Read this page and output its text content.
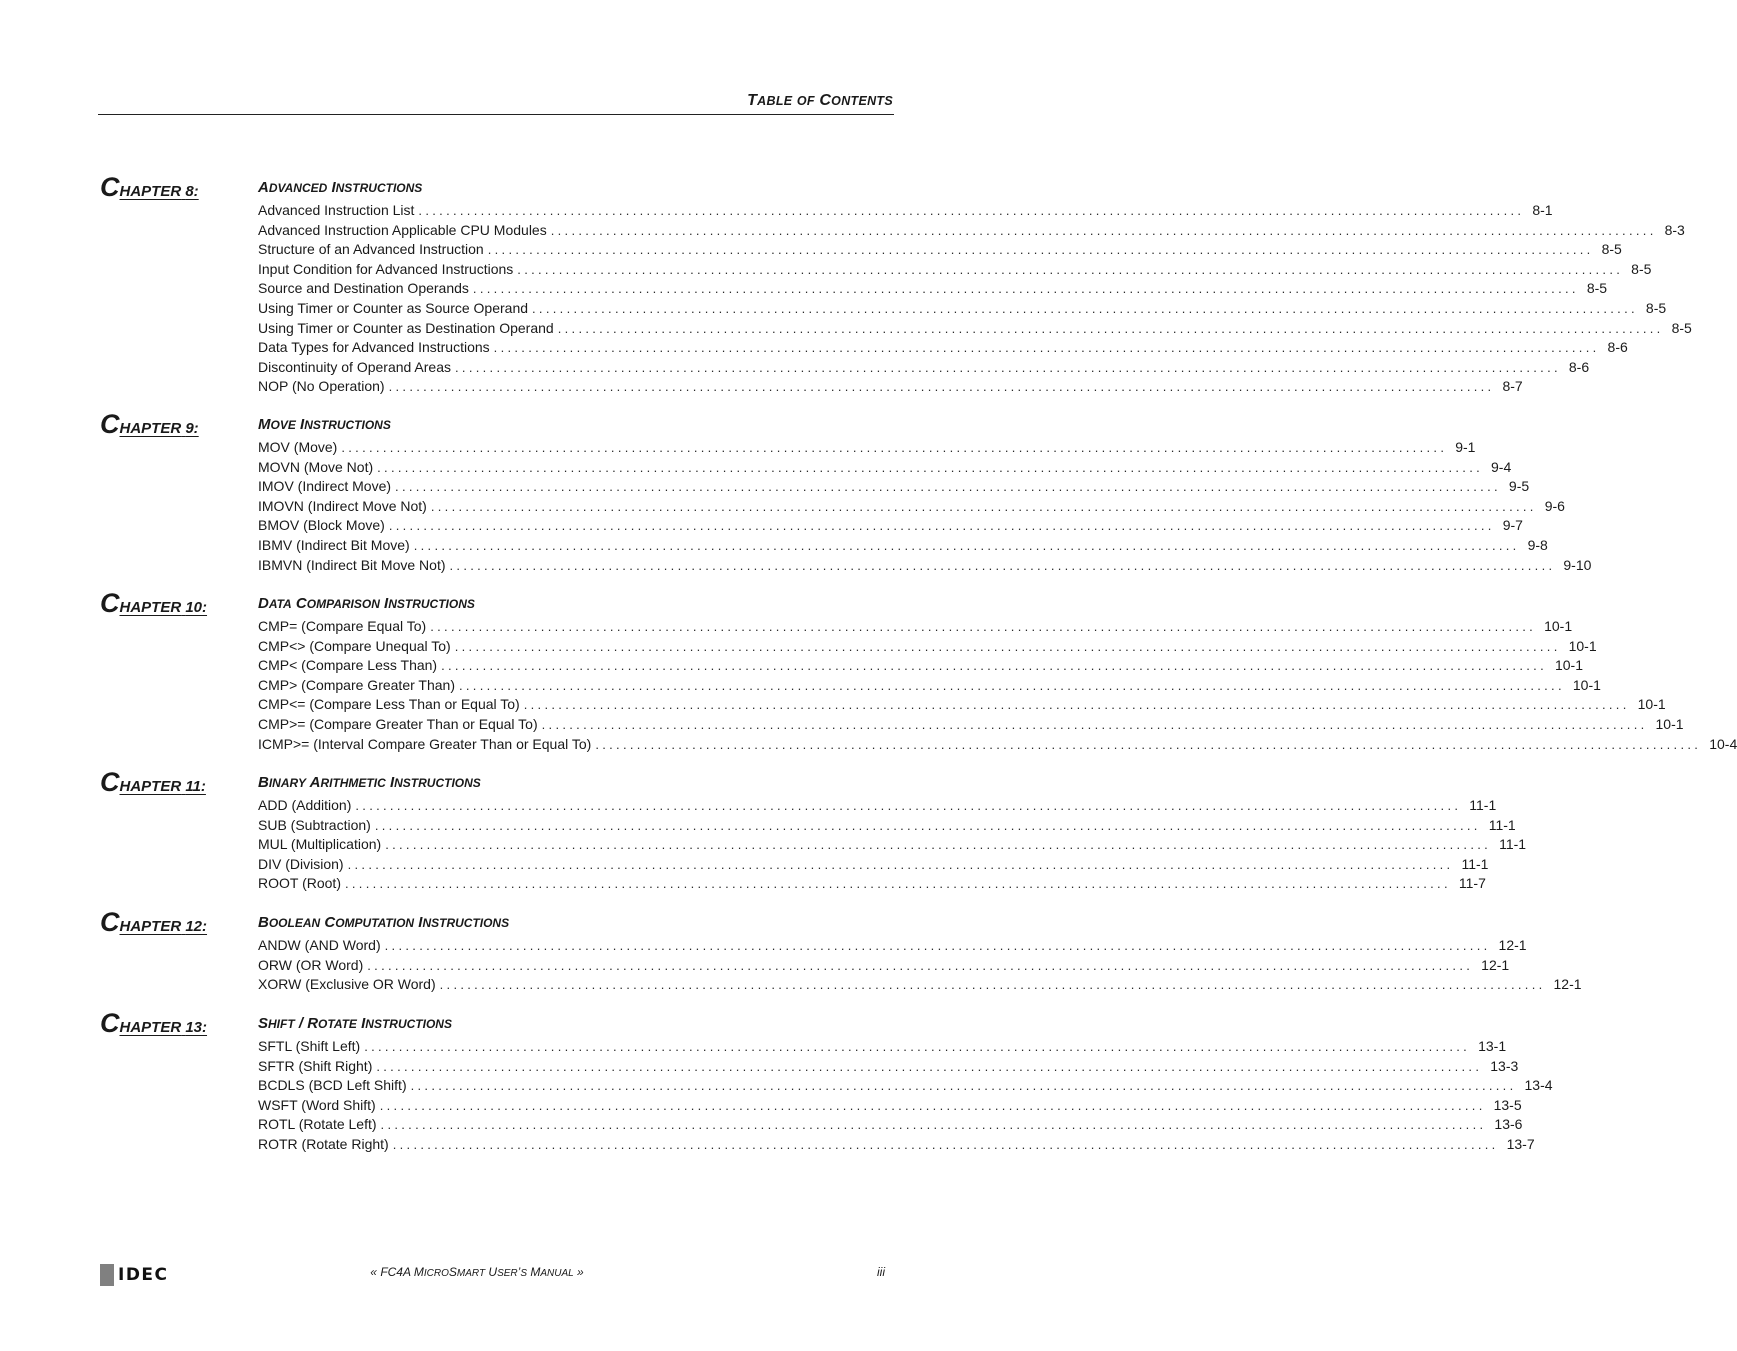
TABLE OF CONTENTS
CHAPTER 8:	ADVANCED INSTRUCTIONS
Advanced Instruction List ................................................................................................................................................................ 8-1
Advanced Instruction Applicable CPU Modules ................................................................................................................................................................ 8-3
Structure of an Advanced Instruction ................................................................................................................................................................ 8-5
Input Condition for Advanced Instructions ................................................................................................................................................................ 8-5
Source and Destination Operands ................................................................................................................................................................ 8-5
Using Timer or Counter as Source Operand ................................................................................................................................................................ 8-5
Using Timer or Counter as Destination Operand ................................................................................................................................................................ 8-5
Data Types for Advanced Instructions ................................................................................................................................................................ 8-6
Discontinuity of Operand Areas ................................................................................................................................................................ 8-6
NOP (No Operation) ................................................................................................................................................................ 8-7
CHAPTER 9:	MOVE INSTRUCTIONS
MOV (Move) ................................................................................................................................................................ 9-1
MOVN (Move Not) ................................................................................................................................................................ 9-4
IMOV (Indirect Move) ................................................................................................................................................................ 9-5
IMOVN (Indirect Move Not) ................................................................................................................................................................ 9-6
BMOV (Block Move) ................................................................................................................................................................ 9-7
IBMV (Indirect Bit Move) ................................................................................................................................................................ 9-8
IBMVN (Indirect Bit Move Not) ................................................................................................................................................................ 9-10
CHAPTER 10:	DATA COMPARISON INSTRUCTIONS
CMP= (Compare Equal To) ................................................................................................................................................................ 10-1
CMP<> (Compare Unequal To) ................................................................................................................................................................ 10-1
CMP< (Compare Less Than) ................................................................................................................................................................ 10-1
CMP> (Compare Greater Than) ................................................................................................................................................................ 10-1
CMP<= (Compare Less Than or Equal To) ................................................................................................................................................................ 10-1
CMP>= (Compare Greater Than or Equal To) ................................................................................................................................................................ 10-1
ICMP>= (Interval Compare Greater Than or Equal To) ................................................................................................................................................................ 10-4
CHAPTER 11:	BINARY ARITHMETIC INSTRUCTIONS
ADD (Addition) ................................................................................................................................................................ 11-1
SUB (Subtraction) ................................................................................................................................................................ 11-1
MUL (Multiplication) ................................................................................................................................................................ 11-1
DIV (Division) ................................................................................................................................................................ 11-1
ROOT (Root) ................................................................................................................................................................ 11-7
CHAPTER 12:	BOOLEAN COMPUTATION INSTRUCTIONS
ANDW (AND Word) ................................................................................................................................................................ 12-1
ORW (OR Word) ................................................................................................................................................................ 12-1
XORW (Exclusive OR Word) ................................................................................................................................................................ 12-1
CHAPTER 13:	SHIFT / ROTATE INSTRUCTIONS
SFTL (Shift Left) ................................................................................................................................................................ 13-1
SFTR (Shift Right) ................................................................................................................................................................ 13-3
BCDLS (BCD Left Shift) ................................................................................................................................................................ 13-4
WSFT (Word Shift) ................................................................................................................................................................ 13-5
ROTL (Rotate Left) ................................................................................................................................................................ 13-6
ROTR (Rotate Right) ................................................................................................................................................................ 13-7
IDEC	« FC4A MICROSMART USER’S MANUAL »	iii
